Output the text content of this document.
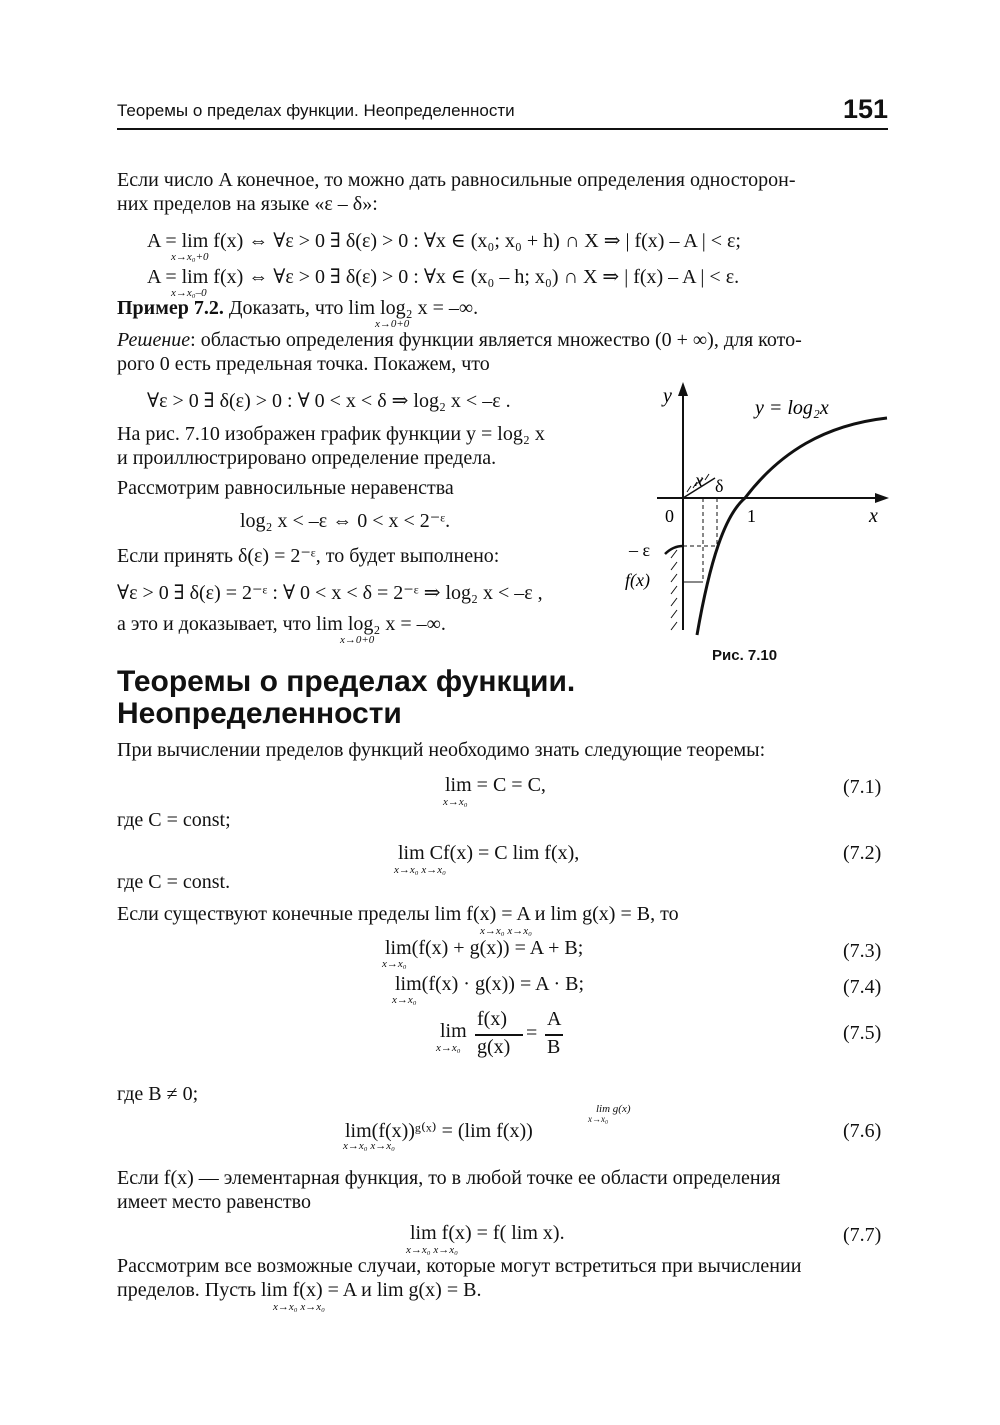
Теоремы о пределах функции. Неопределенности	151
Если число A конечное, то можно дать равносильные определения односторон-
них пределов на языке «ε – δ»:
A = lim f(x) ⇔ ∀ε > 0 ∃ δ(ε) > 0 : ∀x ∈ (x₀; x₀ + h) ∩ X ⇒ | f(x) – A | < ε;
x→x₀+0
A = lim f(x) ⇔ ∀ε > 0 ∃ δ(ε) > 0 : ∀x ∈ (x₀ – h; x₀) ∩ X ⇒ | f(x) – A | < ε.
x→x₀–0
Пример 7.2. Доказать, что lim log₂ x = –∞.
x→0+0
Решение: областью определения функции является множество (0 + ∞), для кото-
рого 0 есть предельная точка. Покажем, что
∀ε > 0 ∃ δ(ε) > 0 : ∀ 0 < x < δ ⇒ log₂ x < –ε .
На рис. 7.10 изображен график функции y = log₂ x
и проиллюстрировано определение предела.
Рассмотрим равносильные неравенства
log₂ x < –ε ⇔ 0 < x < 2⁻ᵋ.
Если принять δ(ε) = 2⁻ᵋ, то будет выполнено:
∀ε > 0 ∃ δ(ε) = 2⁻ᵋ : ∀ 0 < x < δ = 2⁻ᵋ ⇒ log₂ x < –ε ,
а это и доказывает, что lim log₂ x = –∞.
x→0+0
y
y = log₂x
x
0	1
x δ
– ε
f(x)
Рис. 7.10
Теоремы о пределах функции.
Неопределенности
При вычислении пределов функций необходимо знать следующие теоремы:
lim = C = C,
x→x₀
(7.1)
где C = const;
lim Cf(x) = C lim f(x),
x→x₀ x→x₀
(7.2)
где C = const.
Если существуют конечные пределы lim f(x) = A и lim g(x) = B, то
x→x₀ x→x₀
lim(f(x) + g(x)) = A + B;
x→x₀
(7.3)
lim(f(x) · g(x)) = A · B;
x→x₀
(7.4)
lim
x→x₀
f(x)
g(x)
=
A
B
(7.5)
где B ≠ 0;
lim(f(x))ᵍ⁽ˣ⁾ = (lim f(x))
lim g(x)
x→x₀
x→x₀ x→x₀
(7.6)
Если f(x) — элементарная функция, то в любой точке ее области определения
имеет место равенство
lim f(x) = f( lim x).
x→x₀ x→x₀
(7.7)
Рассмотрим все возможные случаи, которые могут встретиться при вычислении
пределов. Пусть lim f(x) = A и lim g(x) = B.
x→x₀ x→x₀
